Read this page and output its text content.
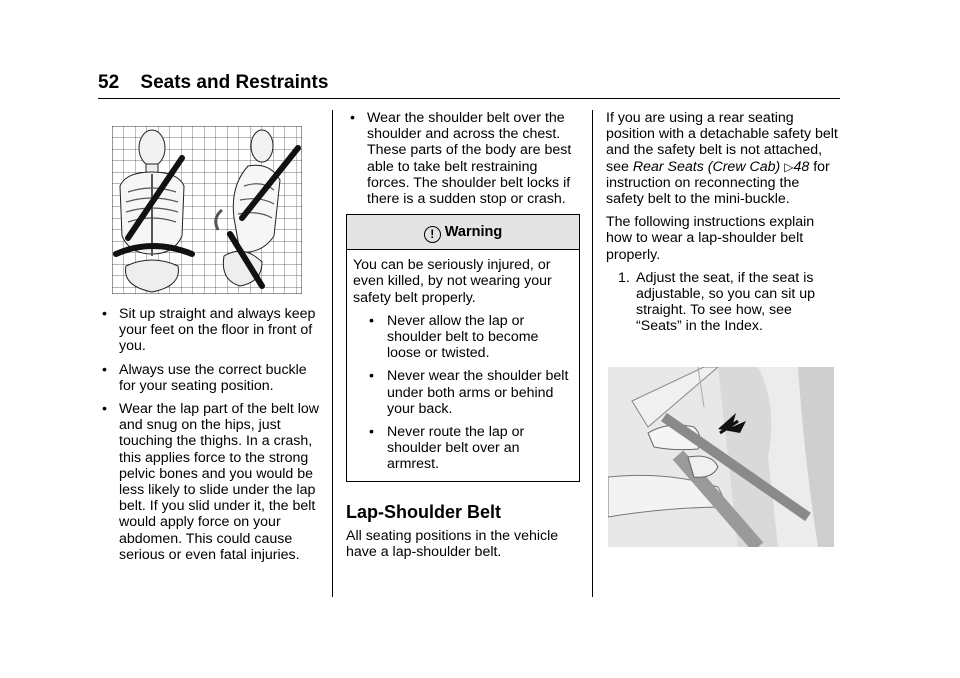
52 Seats and Restraints
• Sit up straight and always keep your feet on the floor in front of you.
• Always use the correct buckle for your seating position.
• Wear the lap part of the belt low and snug on the hips, just touching the thighs. In a crash, this applies force to the strong pelvic bones and you would be less likely to slide under the lap belt. If you slid under it, the belt would apply force on your abdomen. This could cause serious or even fatal injuries.
• Wear the shoulder belt over the shoulder and across the chest. These parts of the body are best able to take belt restraining forces. The shoulder belt locks if there is a sudden stop or crash.
! Warning

You can be seriously injured, or even killed, by not wearing your safety belt properly.

• Never allow the lap or shoulder belt to become loose or twisted.
• Never wear the shoulder belt under both arms or behind your back.
• Never route the lap or shoulder belt over an armrest.
Lap-Shoulder Belt

All seating positions in the vehicle have a lap-shoulder belt.

If you are using a rear seating position with a detachable safety belt and the safety belt is not attached, see Rear Seats (Crew Cab) ▷48 for instruction on reconnecting the safety belt to the mini-buckle.

The following instructions explain how to wear a lap-shoulder belt properly.

1. Adjust the seat, if the seat is adjustable, so you can sit up straight. To see how, see “Seats” in the Index.
